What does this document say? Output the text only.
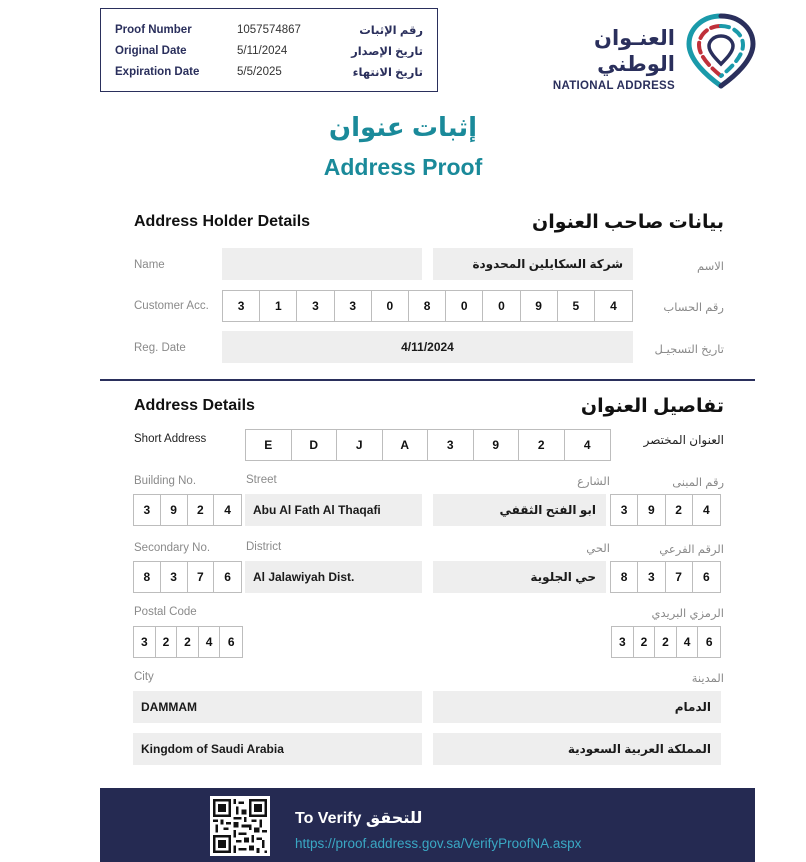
Proof Number	1057574867	رقم الإثبات
Original Date	5/11/2024	تاريخ الإصدار
Expiration Date	5/5/2025	تاريخ الانتهاء
العنـوان الوطني
NATIONAL ADDRESS
إثبات عنوان
Address Proof
Address Holder Details	بيانات صاحب العنوان
Name	شركة السكايلين المحدودة	الاسم
Customer Acc.	3	1	3	3	0	8	0	0	9	5	4	رقم الحساب
Reg. Date	4/11/2024	تاريخ التسجيـل
Address Details	تفاصيل العنوان
Short Address	E	D	J	A	3	9	2	4	العنوان المختصر
Building No.	Street	الشارع	رقم المبنى
3	9	2	4	Abu Al Fath Al Thaqafi	ابو الفتح الثقفي	3	9	2	4
Secondary No.	District	الحي	الرقم الفرعي
8	3	7	6	Al Jalawiyah Dist.	حي الجلوية	8	3	7	6
Postal Code	الرمزي البريدي
3	2	2	4	6	3	2	2	4	6
City	المدينة
DAMMAM	الدمام
Kingdom of Saudi Arabia	المملكة العربية السعودية
To Verify للتحقق
https://proof.address.gov.sa/VerifyProofNA.aspx
